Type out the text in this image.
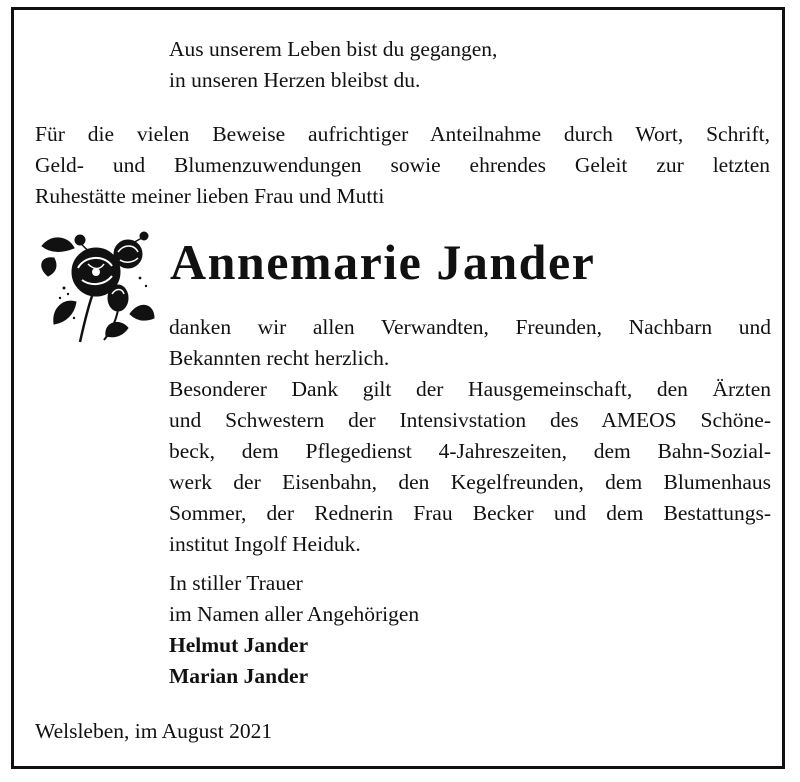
Aus unserem Leben bist du gegangen,
in unseren Herzen bleibst du.
Für die vielen Beweise aufrichtiger Anteilnahme durch Wort, Schrift,
Geld- und Blumenzuwendungen sowie ehrendes Geleit zur letzten
Ruhestätte meiner lieben Frau und Mutti
Annemarie Jander
danken wir allen Verwandten, Freunden, Nachbarn und
Bekannten recht herzlich.
Besonderer Dank gilt der Hausgemeinschaft, den Ärzten
und Schwestern der Intensivstation des AMEOS Schöne-
beck, dem Pflegedienst 4-Jahreszeiten, dem Bahn-Sozial-
werk der Eisenbahn, den Kegelfreunden, dem Blumenhaus
Sommer, der Rednerin Frau Becker und dem Bestattungs-
institut Ingolf Heiduk.
In stiller Trauer
im Namen aller Angehörigen
Helmut Jander
Marian Jander
Welsleben, im August 2021
